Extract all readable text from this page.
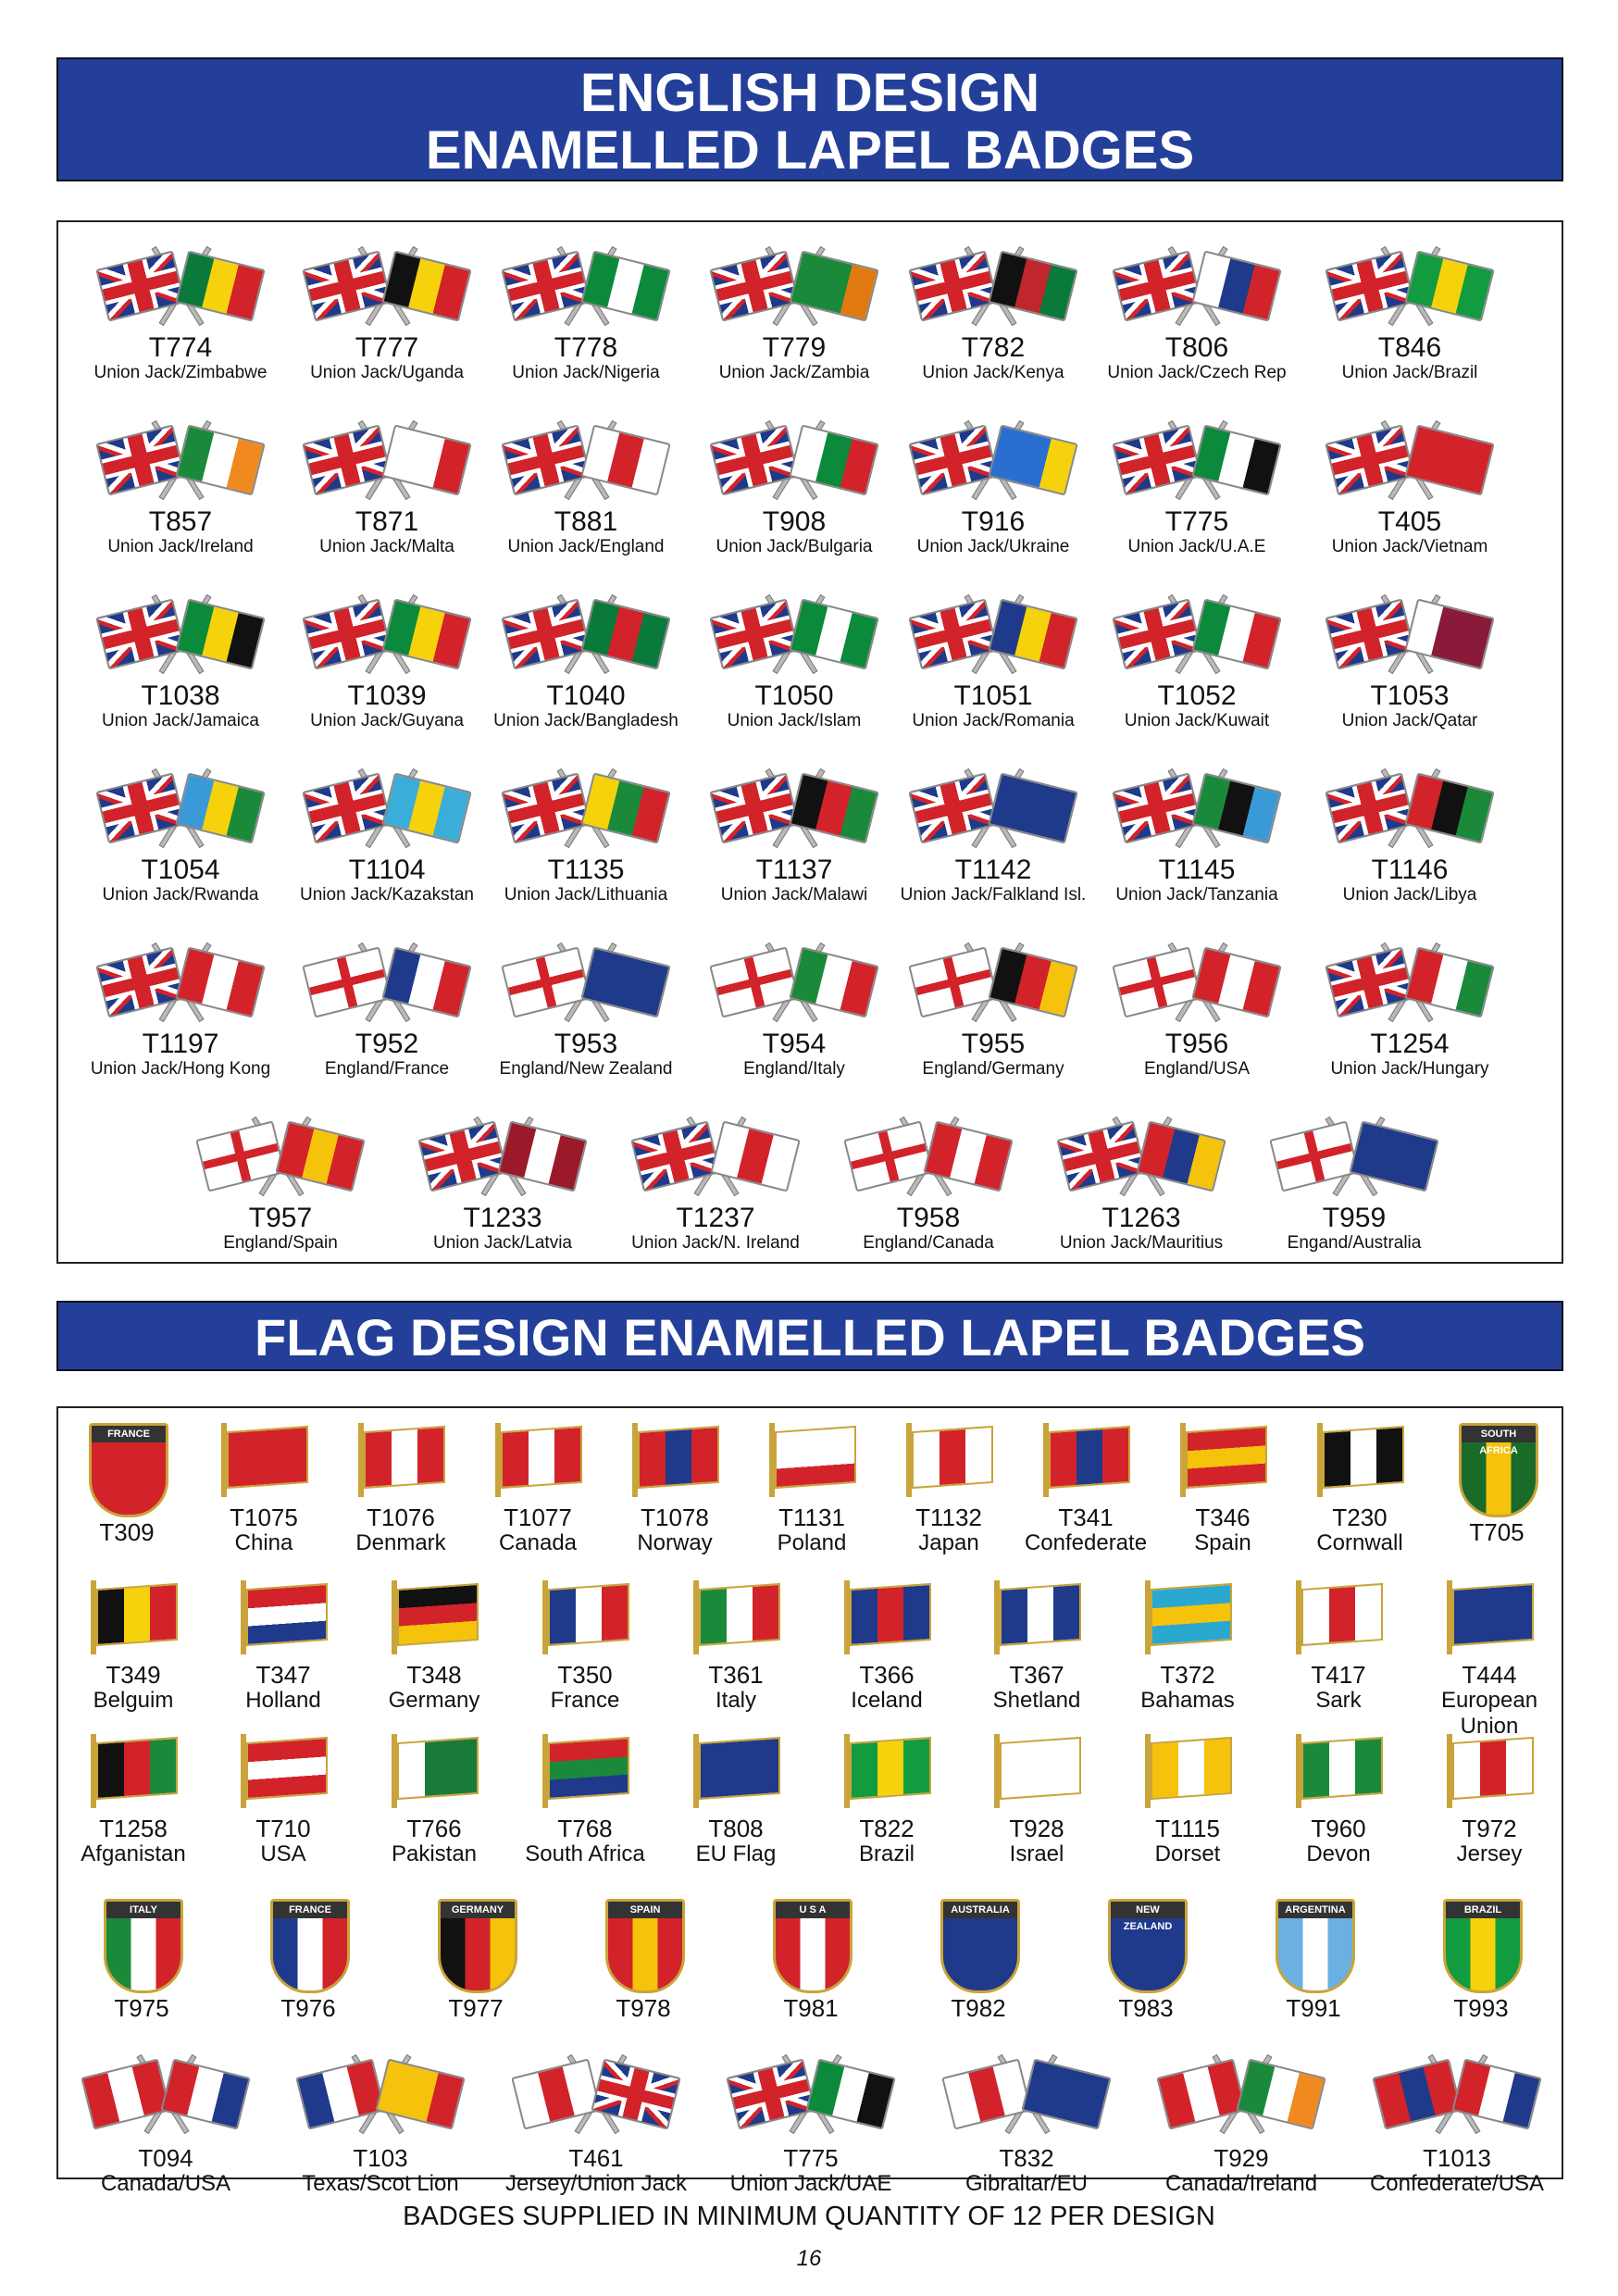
ENGLISH DESIGN
ENAMELLED LAPEL BADGES
T774
Union Jack/Zimbabwe
T777
Union Jack/Uganda
T778
Union Jack/Nigeria
T779
Union Jack/Zambia
T782
Union Jack/Kenya
T806
Union Jack/Czech Rep
T846
Union Jack/Brazil
T857
Union Jack/Ireland
T871
Union Jack/Malta
T881
Union Jack/England
T908
Union Jack/Bulgaria
T916
Union Jack/Ukraine
T775
Union Jack/U.A.E
T405
Union Jack/Vietnam
T1038
Union Jack/Jamaica
T1039
Union Jack/Guyana
T1040
Union Jack/Bangladesh
T1050
Union Jack/Islam
T1051
Union Jack/Romania
T1052
Union Jack/Kuwait
T1053
Union Jack/Qatar
T1054
Union Jack/Rwanda
T1104
Union Jack/Kazakstan
T1135
Union Jack/Lithuania
T1137
Union Jack/Malawi
T1142
Union Jack/Falkland Isl.
T1145
Union Jack/Tanzania
T1146
Union Jack/Libya
T1197
Union Jack/Hong Kong
T952
England/France
T953
England/New Zealand
T954
England/Italy
T955
England/Germany
T956
England/USA
T1254
Union Jack/Hungary
T957
England/Spain
T1233
Union Jack/Latvia
T1237
Union Jack/N. Ireland
T958
England/Canada
T1263
Union Jack/Mauritius
T959
Engand/Australia
FLAG DESIGN ENAMELLED LAPEL BADGES
FRANCE
T309
T1075
China
T1076
Denmark
T1077
Canada
T1078
Norway
T1131
Poland
T1132
Japan
T341
Confederate
T346
Spain
T230
Cornwall
SOUTH AFRICA
T705
T349
Belguim
T347
Holland
T348
Germany
T350
France
T361
Italy
T366
Iceland
T367
Shetland
T372
Bahamas
T417
Sark
T444
European Union
T1258
Afganistan
T710
USA
T766
Pakistan
T768
South Africa
T808
EU Flag
T822
Brazil
T928
Israel
T1115
Dorset
T960
Devon
T972
Jersey
ITALY
T975
FRANCE
T976
GERMANY
T977
SPAIN
T978
U S A
T981
AUSTRALIA
T982
NEW ZEALAND
T983
ARGENTINA
T991
BRAZIL
T993
T094
Canada/USA
T103
Texas/Scot Lion
T461
Jersey/Union Jack
T775
Union Jack/UAE
T832
Gibraltar/EU
T929
Canada/Ireland
T1013
Confederate/USA
BADGES SUPPLIED IN MINIMUM QUANTITY OF 12 PER DESIGN
16
